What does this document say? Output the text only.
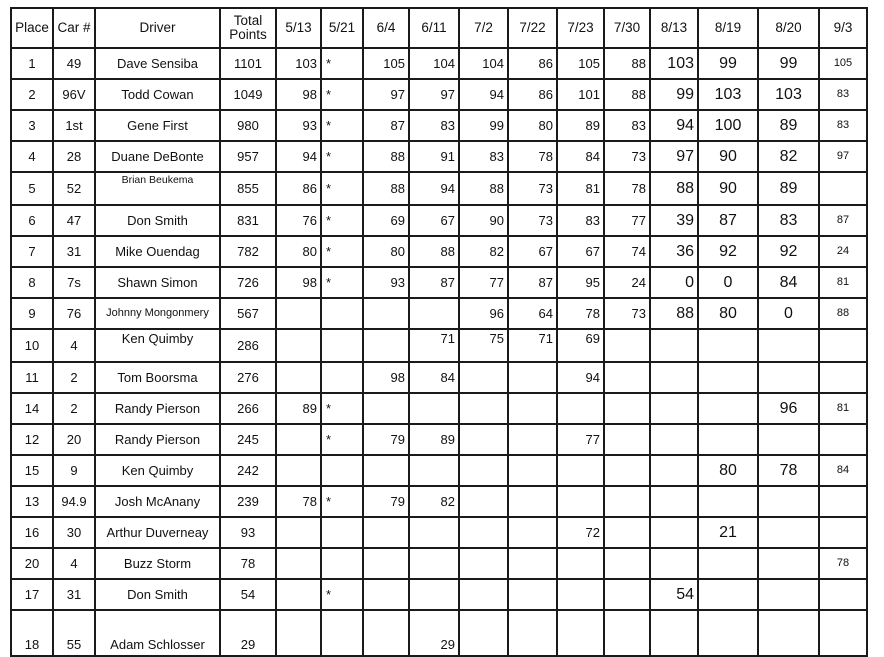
Place	Car #	Driver	Total Points	5/13	5/21	6/4	6/11	7/2	7/22	7/23	7/30	8/13	8/19	8/20	9/3
1	49	Dave Sensiba	1101	103	*	105	104	104	86	105	88	103	99	99	105
2	96V	Todd Cowan	1049	98	*	97	97	94	86	101	88	99	103	103	83
3	1st	Gene First	980	93	*	87	83	99	80	89	83	94	100	89	83
4	28	Duane DeBonte	957	94	*	88	91	83	78	84	73	97	90	82	97
5	52	Brian Beukema	855	86	*	88	94	88	73	81	78	88	90	89	
6	47	Don Smith	831	76	*	69	67	90	73	83	77	39	87	83	87
7	31	Mike Ouendag	782	80	*	80	88	82	67	67	74	36	92	92	24
8	7s	Shawn Simon	726	98	*	93	87	77	87	95	24	0	0	84	81
9	76	Johnny Mongonmery	567					96	64	78	73	88	80	0	88
10	4	Ken Quimby	286				71	75	71	69					
11	2	Tom Boorsma	276			98	84			94					
14	2	Randy Pierson	266	89	*									96	81
12	20	Randy Pierson	245		*	79	89			77					
15	9	Ken Quimby	242										80	78	84
13	94.9	Josh McAnany	239	78	*	79	82								
16	30	Arthur Duverneay	93							72			21		
20	4	Buzz Storm	78												78
17	31	Don Smith	54		*							54			
18	55	Adam Schlosser	29				29								
